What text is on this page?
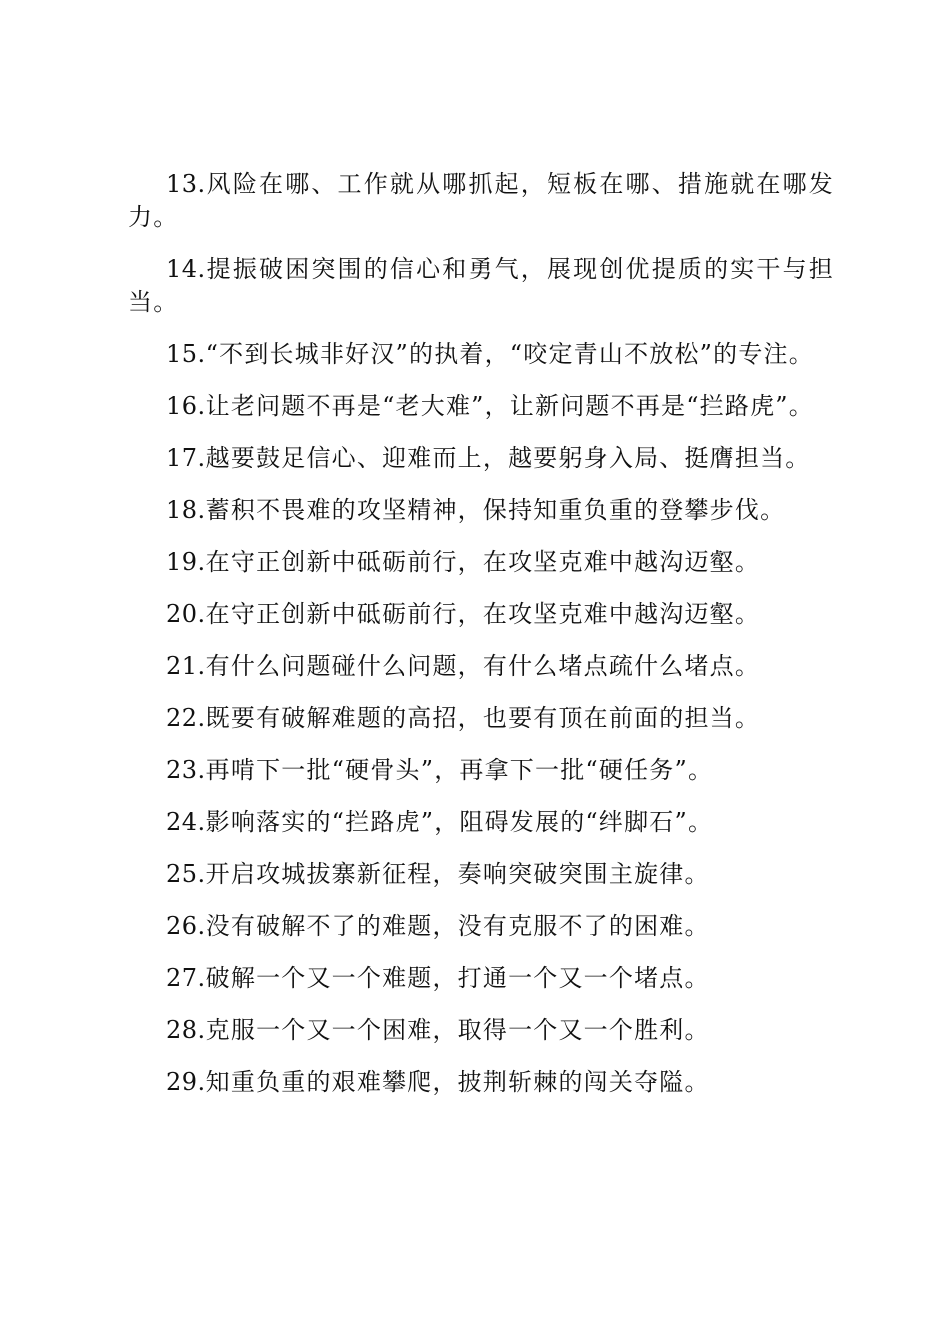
13.风险在哪、工作就从哪抓起，短板在哪、措施就在哪发力。

14.提振破困突围的信心和勇气，展现创优提质的实干与担当。

15.“不到长城非好汉”的执着，“咬定青山不放松”的专注。

16.让老问题不再是“老大难”，让新问题不再是“拦路虎”。

17.越要鼓足信心、迎难而上，越要躬身入局、挺膺担当。

18.蓄积不畏难的攻坚精神，保持知重负重的登攀步伐。

19.在守正创新中砥砺前行，在攻坚克难中越沟迈壑。

20.在守正创新中砥砺前行，在攻坚克难中越沟迈壑。

21.有什么问题碰什么问题，有什么堵点疏什么堵点。

22.既要有破解难题的高招，也要有顶在前面的担当。

23.再啃下一批“硬骨头”，再拿下一批“硬任务”。

24.影响落实的“拦路虎”，阻碍发展的“绊脚石”。

25.开启攻城拔寨新征程，奏响突破突围主旋律。

26.没有破解不了的难题，没有克服不了的困难。

27.破解一个又一个难题，打通一个又一个堵点。

28.克服一个又一个困难，取得一个又一个胜利。

29.知重负重的艰难攀爬，披荆斩棘的闯关夺隘。
